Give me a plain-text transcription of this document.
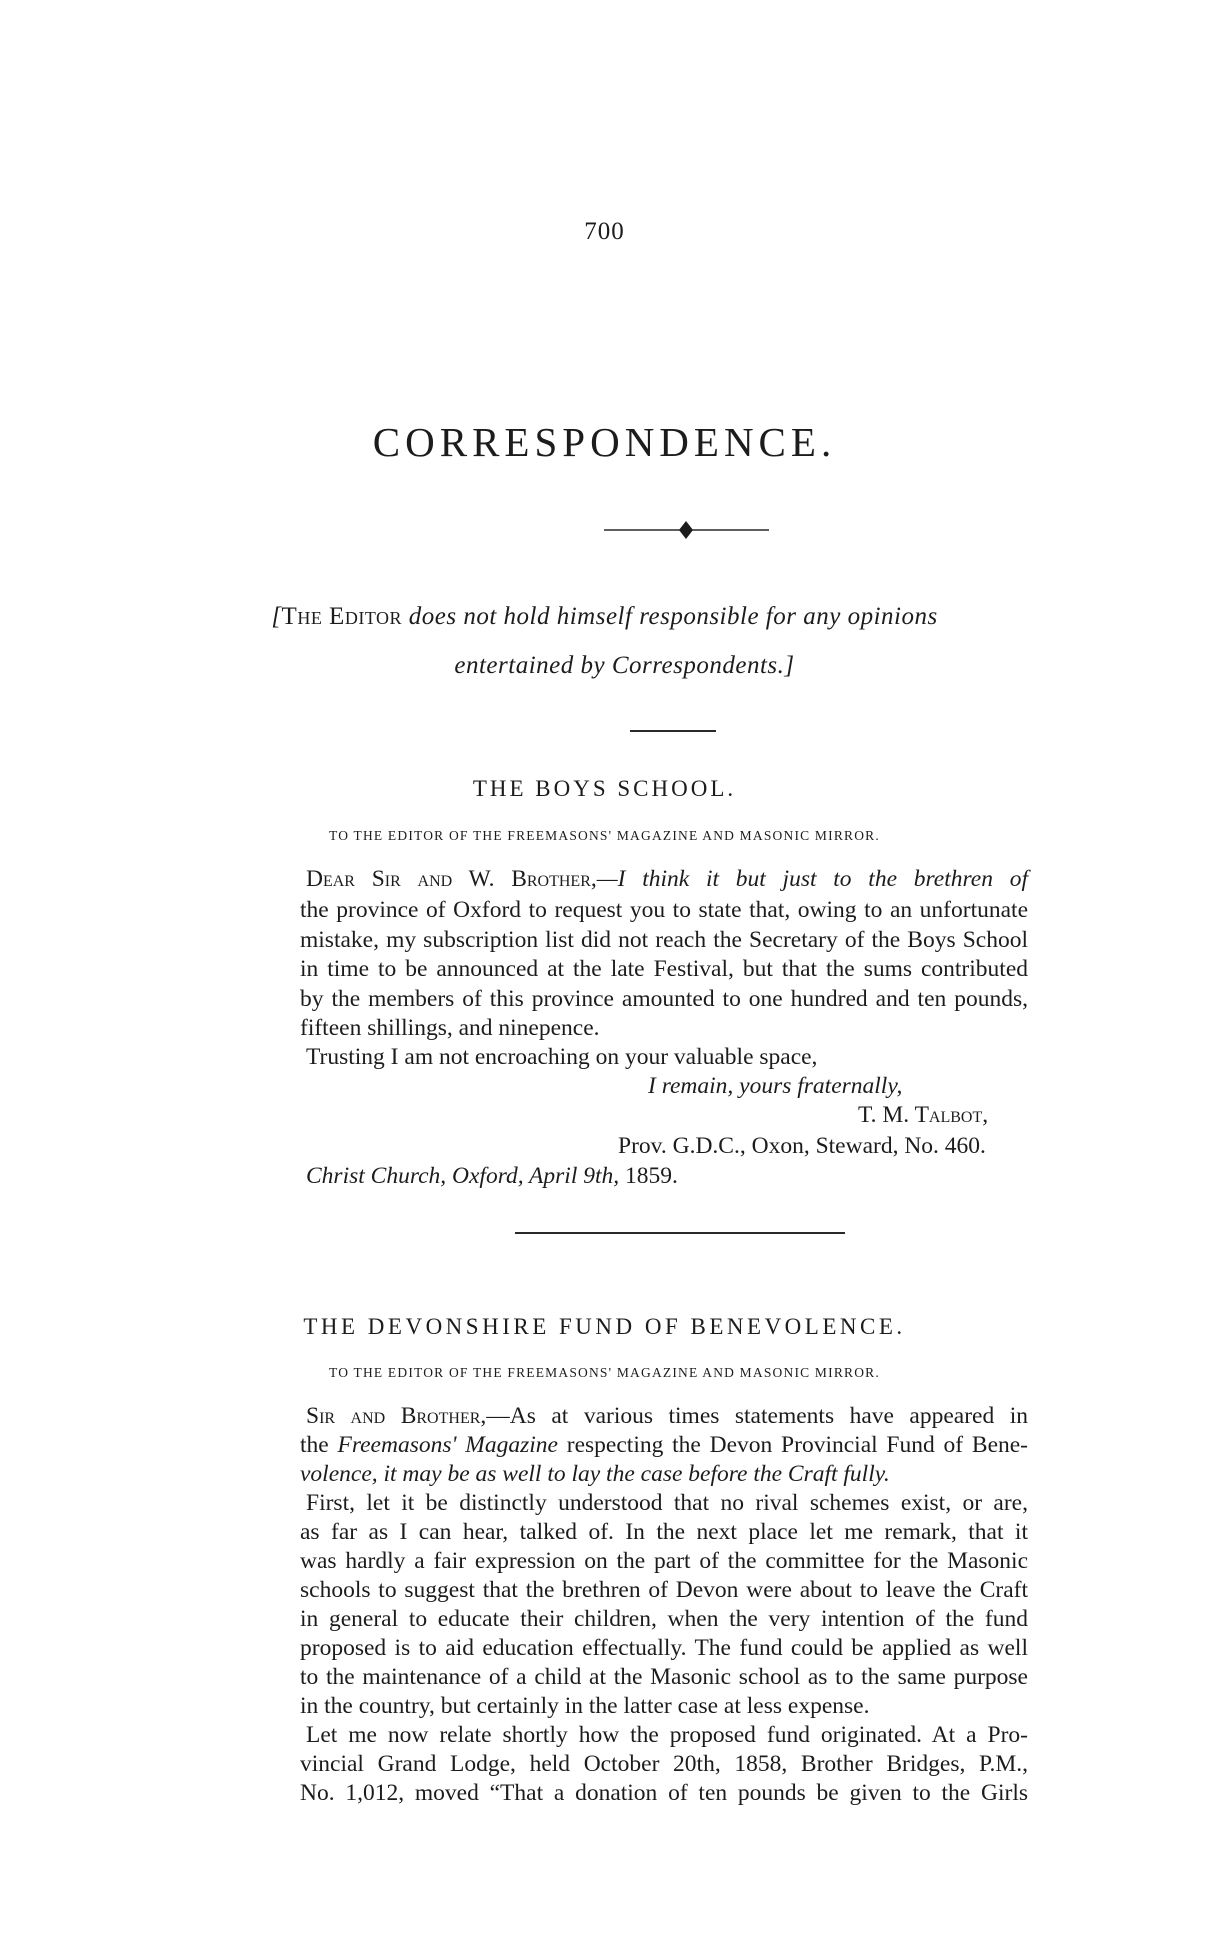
700
CORRESPONDENCE.
[The Editor does not hold himself responsible for any opinions
entertained by Correspondents.]
THE BOYS SCHOOL.
TO THE EDITOR OF THE FREEMASONS' MAGAZINE AND MASONIC MIRROR.
Dear Sir and W. Brother,—I think it but just to the brethren of
the province of Oxford to request you to state that, owing to an unfortunate
mistake, my subscription list did not reach the Secretary of the Boys School
in time to be announced at the late Festival, but that the sums contributed
by the members of this province amounted to one hundred and ten pounds,
fifteen shillings, and ninepence.
Trusting I am not encroaching on your valuable space,
I remain, yours fraternally,
T. M. Talbot,
Prov. G.D.C., Oxon, Steward, No. 460.
Christ Church, Oxford, April 9th, 1859.
THE DEVONSHIRE FUND OF BENEVOLENCE.
TO THE EDITOR OF THE FREEMASONS' MAGAZINE AND MASONIC MIRROR.
Sir and Brother,—As at various times statements have appeared in
the Freemasons' Magazine respecting the Devon Provincial Fund of Bene-
volence, it may be as well to lay the case before the Craft fully.
First, let it be distinctly understood that no rival schemes exist, or are,
as far as I can hear, talked of. In the next place let me remark, that it
was hardly a fair expression on the part of the committee for the Masonic
schools to suggest that the brethren of Devon were about to leave the Craft
in general to educate their children, when the very intention of the fund
proposed is to aid education effectually. The fund could be applied as well
to the maintenance of a child at the Masonic school as to the same purpose
in the country, but certainly in the latter case at less expense.
Let me now relate shortly how the proposed fund originated. At a Pro-
vincial Grand Lodge, held October 20th, 1858, Brother Bridges, P.M.,
No. 1,012, moved “That a donation of ten pounds be given to the Girls
